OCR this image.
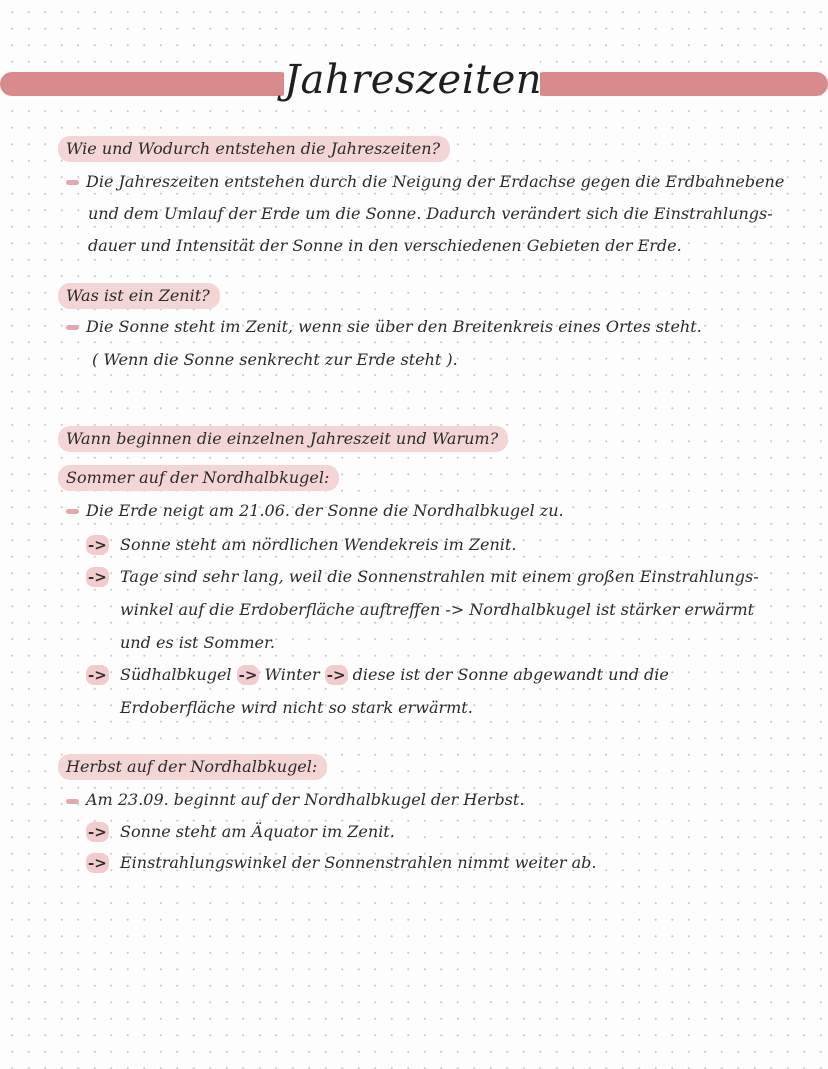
Jahreszeiten
Wie und Wodurch entstehen die Jahreszeiten?
Die Jahreszeiten entstehen durch die Neigung der Erdachse gegen die Erdbahnebene
und dem Umlauf der Erde um die Sonne. Dadurch verändert sich die Einstrahlungs-
dauer und Intensität der Sonne in den verschiedenen Gebieten der Erde.
Was ist ein Zenit?
Die Sonne steht im Zenit, wenn sie über den Breitenkreis eines Ortes steht.
( Wenn die Sonne senkrecht zur Erde steht ).
Wann beginnen die einzelnen Jahreszeit und Warum?
Sommer auf der Nordhalbkugel:
Die Erde neigt am 21.06. der Sonne die Nordhalbkugel zu.
-> Sonne steht am nördlichen Wendekreis im Zenit.
-> Tage sind sehr lang, weil die Sonnenstrahlen mit einem großen Einstrahlungs-
winkel auf die Erdoberfläche auftreffen -> Nordhalbkugel ist stärker erwärmt
und es ist Sommer.
-> Südhalbkugel -> Winter -> diese ist der Sonne abgewandt und die
Erdoberfläche wird nicht so stark erwärmt.
Herbst auf der Nordhalbkugel:
Am 23.09. beginnt auf der Nordhalbkugel der Herbst.
-> Sonne steht am Äquator im Zenit.
-> Einstrahlungswinkel der Sonnenstrahlen nimmt weiter ab.
